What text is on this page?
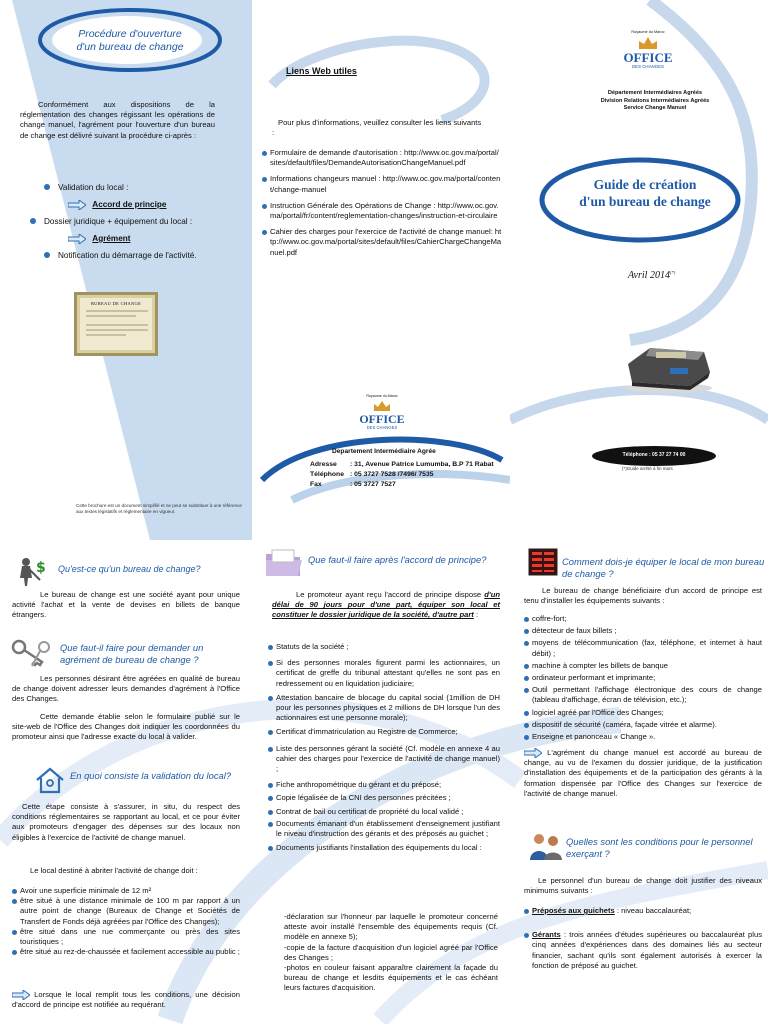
Procédure d'ouverture
d'un bureau de change
Conformément aux dispositions de la réglementation des changes régissant les opérations de change manuel, l'agrément pour l'ouverture d'un bureau de change est délivré suivant la procédure ci-après :
Validation du local :
Accord de principe
Dossier juridique + équipement du local :
Agrément
Notification du démarrage de l'activité.
BUREAU DE CHANGE
Cette brochure est un document simplifié et ne peut se substituer à une référence aux textes législatifs et réglementaire en vigueur.
Liens Web utiles
Pour plus d'informations, veuillez consulter les liens suivants :
Formulaire de demande d'autorisation : http://www.oc.gov.ma/portal/sites/default/files/DemandeAutorisationChangeManuel.pdf
Informations changeurs manuel : http://www.oc.gov.ma/portal/content/change-manuel
Instruction Générale des Opérations de Change : http://www.oc.gov.ma/portal/fr/content/reglementation-changes/instruction-et-circulaire
Cahier des charges pour l'exercice de l'activité de change manuel: http://www.oc.gov.ma/portal/sites/default/files/CahierChargeChangeManuel.pdf
Royaume du Maroc
OFFICE
DES CHANGES
Departement Intermédiaire Agrée
Adresse : 31, Avenue Patrice Lumumba, B.P 71 Rabat
Téléphone : 05 3727 7528 /7496/ 7535
Fax	: 05 3727 7527
Royaume du Maroc
OFFICE
DES CHANGES
Département Intermédiaires Agréés
Division Relations Intermédiaires Agréés
Service Change Manuel
Guide de création
d'un bureau de change
Avril 2014(*)
Téléphone : 05 37 27 74 00
(*)Guide arrêté à fin mars
$ Qu'est-ce qu'un bureau de change?
Le bureau de change est une société ayant pour unique activité l'achat et la vente de devises en billets de banque étrangers.
Que faut-il faire pour demander un agrément de bureau de change ?
Les personnes désirant être agréées en qualité de bureau de change doivent adresser leurs demandes d'agrément à l'Office des Changes.
Cette demande établie selon le formulaire publié sur le site-web de l'Office des Changes doit indiquer les coordonnées du promoteur ainsi que l'adresse exacte du local à valider.
En quoi consiste la validation du local?
Cette étape consiste à s'assurer, in situ, du respect des conditions réglementaires se rapportant au local, et ce pour éviter aux promoteurs d'engager des dépenses sur des locaux non éligibles à l'exercice de l'activité de change manuel.
Le local destiné à abriter l'activité de change doit :
Avoir une superficie minimale de 12 m²
être situé à une distance minimale de 100 m par rapport à un autre point de change (Bureaux de Change et Sociétés de Transfert de Fonds déjà agréées par l'Office des Changes);
être situé dans une rue commerçante ou près des sites touristiques ;
être situé au rez-de-chaussée et facilement accessible au public ;
Lorsque le local remplit tous les conditions, une décision d'accord de principe est notifiée au requérant.
Que faut-il faire après l'accord de principe?
Le promoteur ayant reçu l'accord de principe dispose d'un délai de 90 jours pour d'une part, équiper son local et constituer le dossier juridique de la société, d'autre part :
Statuts de la société ;
Si des personnes morales figurent parmi les actionnaires, un certificat de greffe du tribunal attestant qu'elles ne sont pas en redressement ou en liquidation judiciaire;
Attestation bancaire de blocage du capital social (1million de DH pour les personnes physiques et 2 millions de DH lorsque l'un des actionnaires est une personne morale);
Certificat d'immatriculation au Registre de Commerce;
Liste des personnes gérant la société (Cf. modèle en annexe 4 au cahier des charges pour l'exercice de l'activité de change manuel) ;
Fiche anthropométrique du gérant et du préposé;
Copie légalisée de la CNI des personnes précitées ;
Contrat de bail ou certificat de propriété du local validé ;
Documents émanant d'un établissement d'enseignement justifiant le niveau d'instruction des gérants et des préposés au guichet ;
Documents justifiants l'installation des équipements du local :
-déclaration sur l'honneur par laquelle le promoteur concerné atteste avoir installé l'ensemble des équipements requis (Cf. modèle en annexe 5);
-copie de la facture d'acquisition d'un logiciel agréé par l'Office des Changes ;
-photos en couleur faisant apparaître clairement la façade du bureau de change et lesdits équipements et le cas échéant leurs factures d'acquisition.
Comment dois-je équiper le local de mon bureau de change ?
Le bureau de change bénéficiaire d'un accord de principe est tenu d'installer les équipements suivants :
coffre-fort;
détecteur de faux billets ;
moyens de télécommunication (fax, téléphone, et internet à haut débit) ;
machine à compter les billets de banque
ordinateur performant et imprimante;
Outil permettant l'affichage électronique des cours de change (tableau d'affichage, écran de télévision, etc.);
logiciel agréé par l'Office des Changes;
dispositif de sécurité (caméra, façade vitrée et alarme).
Enseigne et panonceau « Change ».
L'agrément du change manuel est accordé au bureau de change, au vu de l'examen du dossier juridique, de la justification d'installation des équipements et de la participation des gérants à la formation dispensée par l'Office des Changes sur l'exercice de l'activité de change manuel.
Quelles sont les conditions pour le personnel exerçant ?
Le personnel d'un bureau de change doit justifier des niveaux minimums suivants :
Préposés aux guichets : niveau baccalauréat;
Gérants : trois années d'études supérieures ou baccalauréat plus cinq années d'expériences dans des domaines liés au secteur financier, sachant qu'ils sont également autorisés à exercer la fonction de préposé au guichet.
